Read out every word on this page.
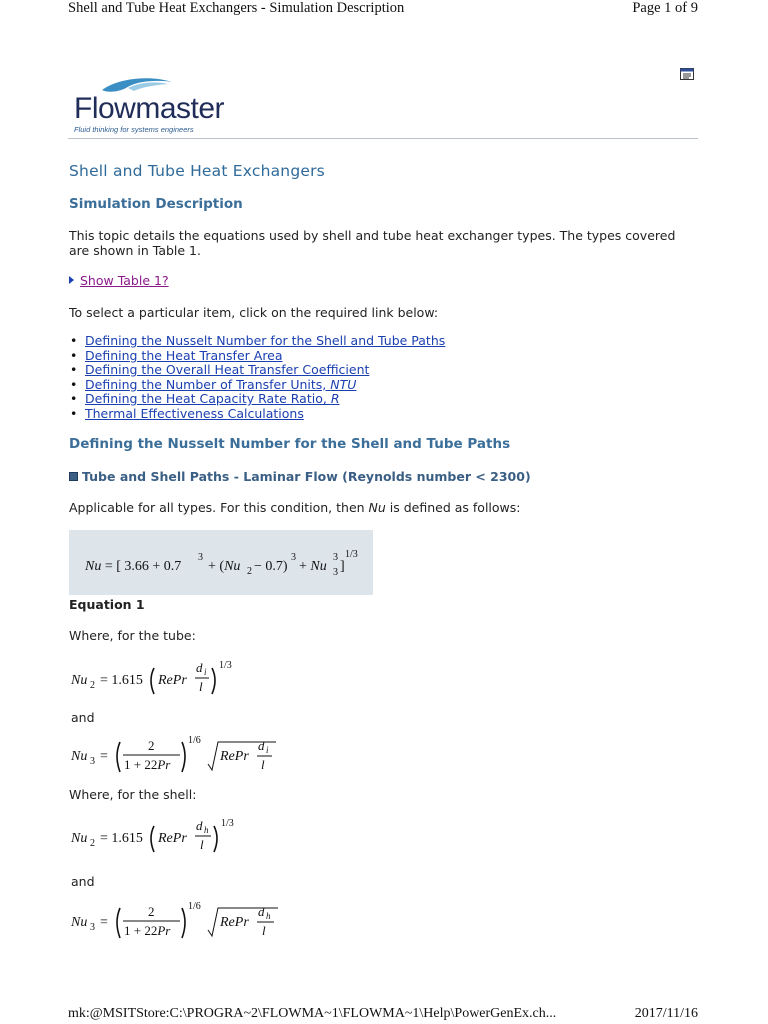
Shell and Tube Heat Exchangers - Simulation Description	Page 1 of 9
Flowmaster
Fluid thinking for systems engineers
Shell and Tube Heat Exchangers
Simulation Description
This topic details the equations used by shell and tube heat exchanger types. The types covered are shown in Table 1.
Show Table 1?
To select a particular item, click on the required link below:
• Defining the Nusselt Number for the Shell and Tube Paths
• Defining the Heat Transfer Area
• Defining the Overall Heat Transfer Coefficient
• Defining the Number of Transfer Units, NTU
• Defining the Heat Capacity Rate Ratio, R
• Thermal Effectiveness Calculations
Defining the Nusselt Number for the Shell and Tube Paths
Tube and Shell Paths - Laminar Flow (Reynolds number < 2300)
Applicable for all types. For this condition, then Nu is defined as follows:
Nu = [ 3.66 + 0.7
3
+ (Nu 2 − 0.7)
3
+ Nu
3
3 ]
1/3
Equation 1
Where, for the tube:
Nu 2 = 1.615 RePr
d i
l
1/3
and
Nu 3 =
2
1 + 22Pr
1/6
RePr
d i
l
Where, for the shell:
Nu 2 = 1.615 RePr
d h
l
1/3
and
Nu 3 =
2
1 + 22Pr
1/6
RePr
d h
l
mk:@MSITStore:C:\PROGRA~2\FLOWMA~1\FLOWMA~1\Help\PowerGenEx.ch...	2017/11/16
